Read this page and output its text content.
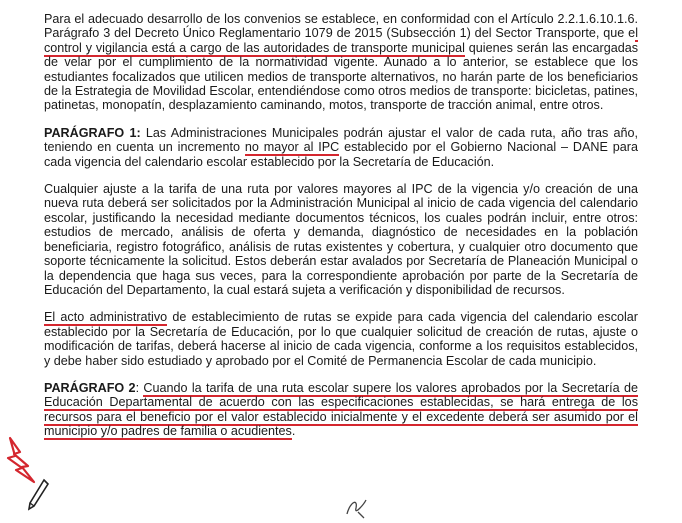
Para el adecuado desarrollo de los convenios se establece, en conformidad con el Artículo 2.2.1.6.10.1.6. Parágrafo 3 del Decreto Único Reglamentario 1079 de 2015 (Subsección 1) del Sector Transporte, que el control y vigilancia está a cargo de las autoridades de transporte municipal quienes serán las encargadas de velar por el cumplimiento de la normatividad vigente. Aunado a lo anterior, se establece que los estudiantes focalizados que utilicen medios de transporte alternativos, no harán parte de los beneficiarios de la Estrategia de Movilidad Escolar, entendiéndose como otros medios de transporte: bicicletas, patines, patinetas, monopatín, desplazamiento caminando, motos, transporte de tracción animal, entre otros.

PARÁGRAFO 1: Las Administraciones Municipales podrán ajustar el valor de cada ruta, año tras año, teniendo en cuenta un incremento no mayor al IPC establecido por el Gobierno Nacional – DANE para cada vigencia del calendario escolar establecido por la Secretaría de Educación.

Cualquier ajuste a la tarifa de una ruta por valores mayores al IPC de la vigencia y/o creación de una nueva ruta deberá ser solicitados por la Administración Municipal al inicio de cada vigencia del calendario escolar, justificando la necesidad mediante documentos técnicos, los cuales podrán incluir, entre otros: estudios de mercado, análisis de oferta y demanda, diagnóstico de necesidades en la población beneficiaria, registro fotográfico, análisis de rutas existentes y cobertura, y cualquier otro documento que soporte técnicamente la solicitud. Estos deberán estar avalados por Secretaría de Planeación Municipal o la dependencia que haga sus veces, para la correspondiente aprobación por parte de la Secretaría de Educación del Departamento, la cual estará sujeta a verificación y disponibilidad de recursos.

El acto administrativo de establecimiento de rutas se expide para cada vigencia del calendario escolar establecido por la Secretaría de Educación, por lo que cualquier solicitud de creación de rutas, ajuste o modificación de tarifas, deberá hacerse al inicio de cada vigencia, conforme a los requisitos establecidos, y debe haber sido estudiado y aprobado por el Comité de Permanencia Escolar de cada municipio.

PARÁGRAFO 2: Cuando la tarifa de una ruta escolar supere los valores aprobados por la Secretaría de Educación Departamental de acuerdo con las especificaciones establecidas, se hará entrega de los recursos para el beneficio por el valor establecido inicialmente y el excedente deberá ser asumido por el municipio y/o padres de familia o acudientes.
